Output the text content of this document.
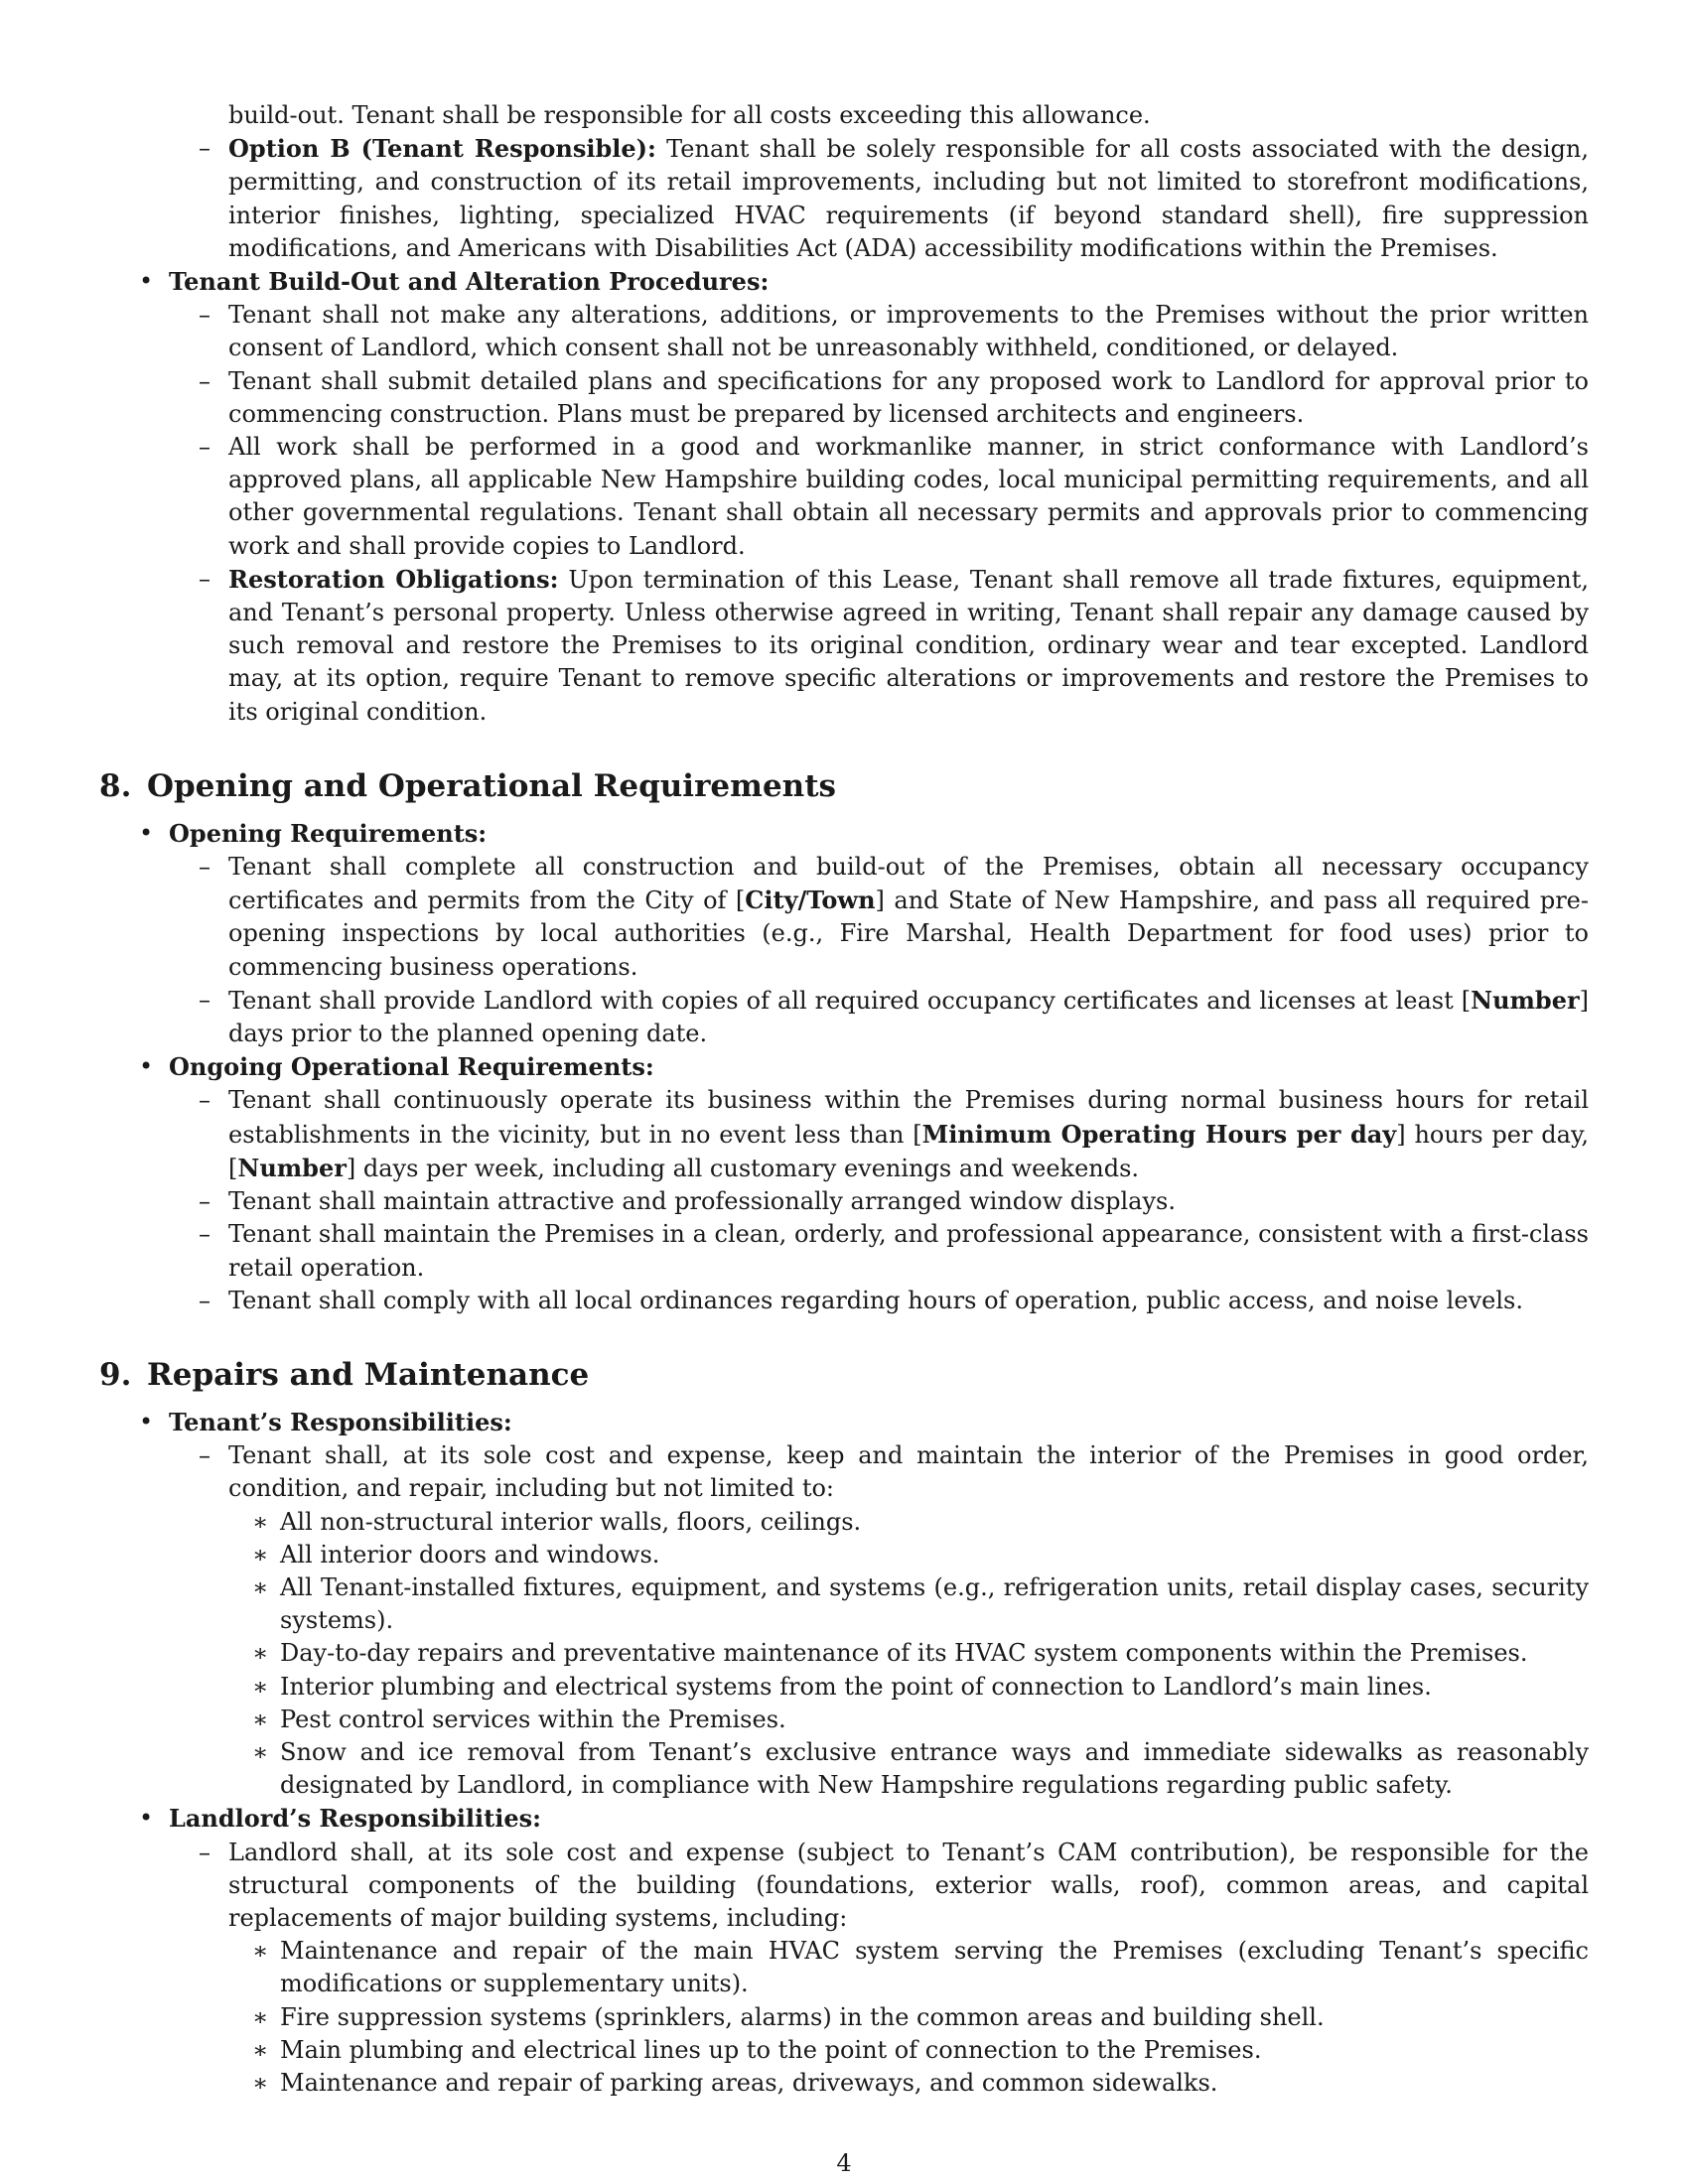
build-out. Tenant shall be responsible for all costs exceeding this allowance.
– Option B (Tenant Responsible): Tenant shall be solely responsible for all costs associated with the design, permitting, and construction of its retail improvements, including but not limited to storefront modifications, interior finishes, lighting, specialized HVAC requirements (if beyond standard shell), fire suppression modifications, and Americans with Disabilities Act (ADA) accessibility modifications within the Premises.
• Tenant Build-Out and Alteration Procedures:
– Tenant shall not make any alterations, additions, or improvements to the Premises without the prior written consent of Landlord, which consent shall not be unreasonably withheld, conditioned, or delayed.
– Tenant shall submit detailed plans and specifications for any proposed work to Landlord for approval prior to commencing construction. Plans must be prepared by licensed architects and engineers.
– All work shall be performed in a good and workmanlike manner, in strict conformance with Landlord’s approved plans, all applicable New Hampshire building codes, local municipal permitting requirements, and all other governmental regulations. Tenant shall obtain all necessary permits and approvals prior to commencing work and shall provide copies to Landlord.
– Restoration Obligations: Upon termination of this Lease, Tenant shall remove all trade fixtures, equipment, and Tenant’s personal property. Unless otherwise agreed in writing, Tenant shall repair any damage caused by such removal and restore the Premises to its original condition, ordinary wear and tear excepted. Landlord may, at its option, require Tenant to remove specific alterations or improvements and restore the Premises to its original condition.
8. Opening and Operational Requirements
• Opening Requirements:
– Tenant shall complete all construction and build-out of the Premises, obtain all necessary occupancy certificates and permits from the City of [City/Town] and State of New Hampshire, and pass all required pre-opening inspections by local authorities (e.g., Fire Marshal, Health Department for food uses) prior to commencing business operations.
– Tenant shall provide Landlord with copies of all required occupancy certificates and licenses at least [Number] days prior to the planned opening date.
• Ongoing Operational Requirements:
– Tenant shall continuously operate its business within the Premises during normal business hours for retail establishments in the vicinity, but in no event less than [Minimum Operating Hours per day] hours per day, [Number] days per week, including all customary evenings and weekends.
– Tenant shall maintain attractive and professionally arranged window displays.
– Tenant shall maintain the Premises in a clean, orderly, and professional appearance, consistent with a first-class retail operation.
– Tenant shall comply with all local ordinances regarding hours of operation, public access, and noise levels.
9. Repairs and Maintenance
• Tenant’s Responsibilities:
– Tenant shall, at its sole cost and expense, keep and maintain the interior of the Premises in good order, condition, and repair, including but not limited to:
∗ All non-structural interior walls, floors, ceilings.
∗ All interior doors and windows.
∗ All Tenant-installed fixtures, equipment, and systems (e.g., refrigeration units, retail display cases, security systems).
∗ Day-to-day repairs and preventative maintenance of its HVAC system components within the Premises.
∗ Interior plumbing and electrical systems from the point of connection to Landlord’s main lines.
∗ Pest control services within the Premises.
∗ Snow and ice removal from Tenant’s exclusive entrance ways and immediate sidewalks as reasonably designated by Landlord, in compliance with New Hampshire regulations regarding public safety.
• Landlord’s Responsibilities:
– Landlord shall, at its sole cost and expense (subject to Tenant’s CAM contribution), be responsible for the structural components of the building (foundations, exterior walls, roof), common areas, and capital replacements of major building systems, including:
∗ Maintenance and repair of the main HVAC system serving the Premises (excluding Tenant’s specific modifications or supplementary units).
∗ Fire suppression systems (sprinklers, alarms) in the common areas and building shell.
∗ Main plumbing and electrical lines up to the point of connection to the Premises.
∗ Maintenance and repair of parking areas, driveways, and common sidewalks.
4
